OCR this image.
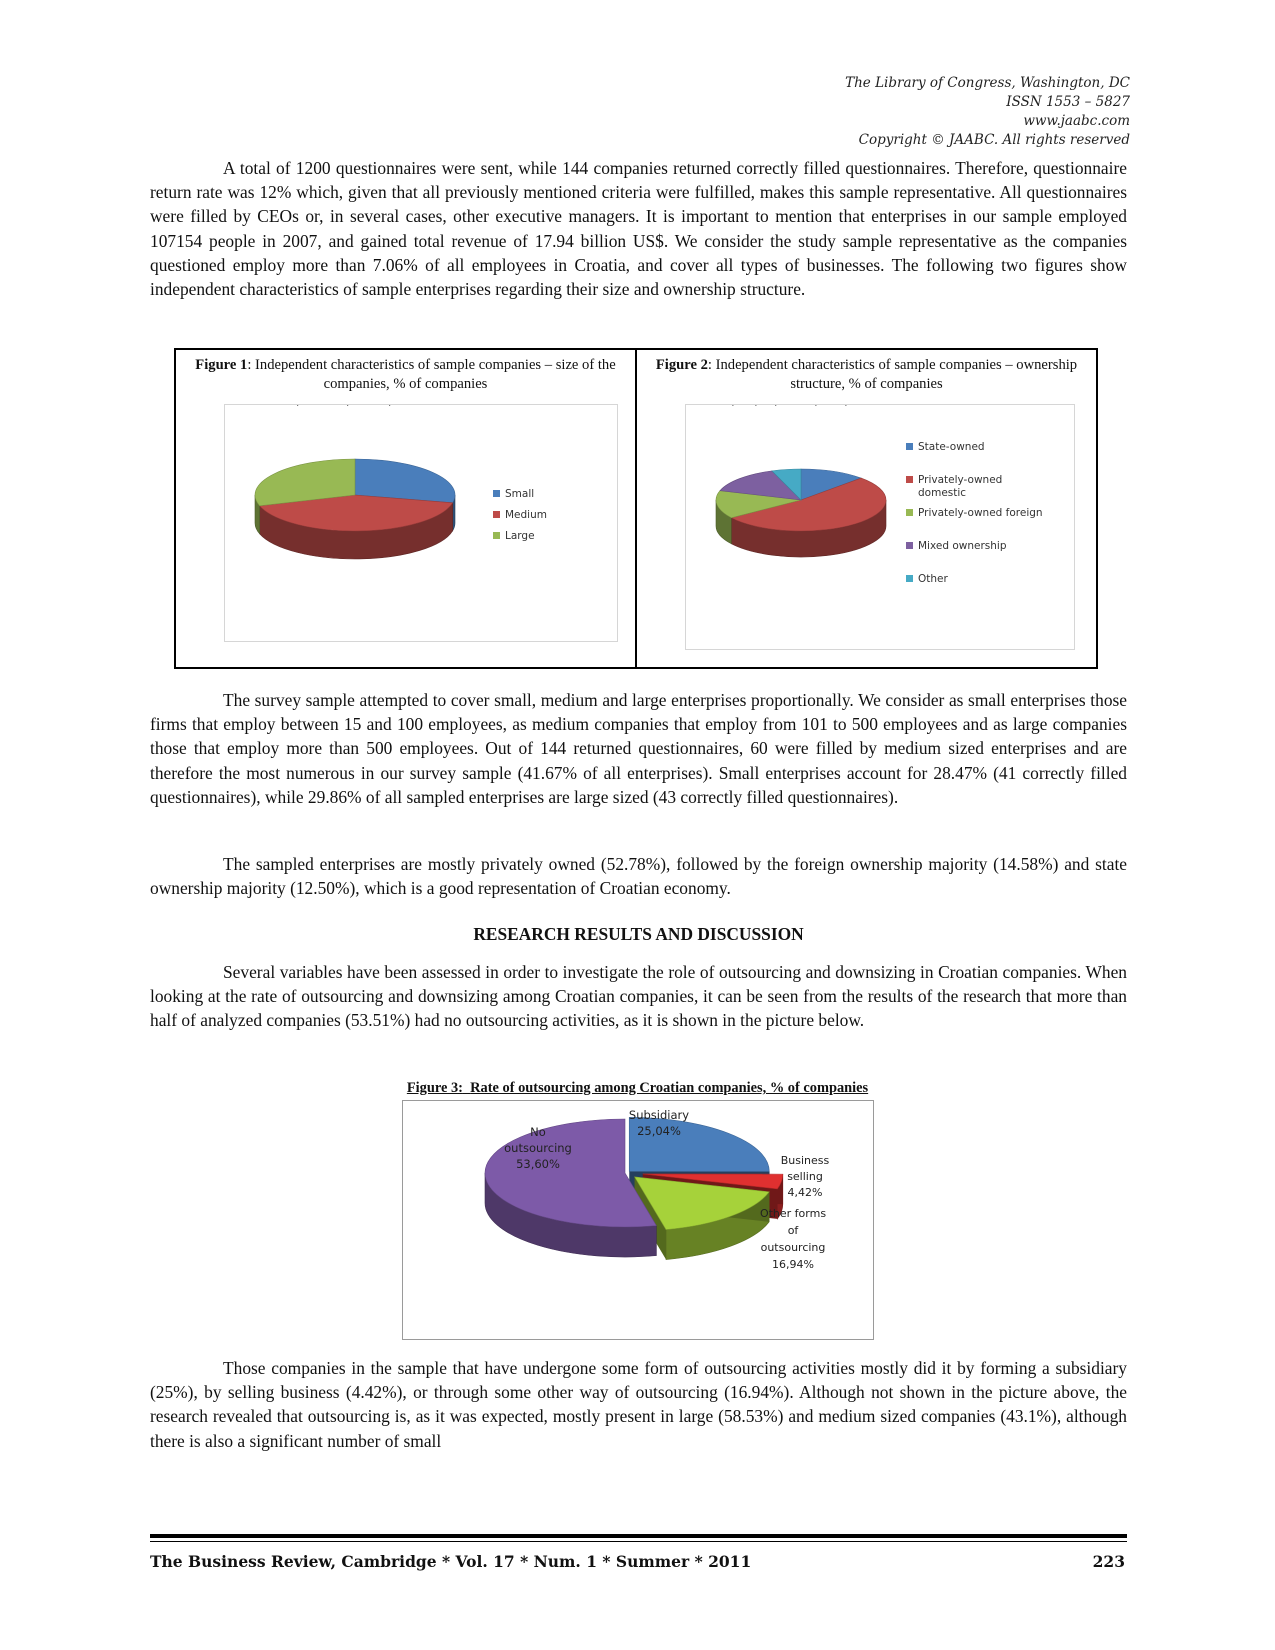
The Library of Congress, Washington, DC
ISSN 1553 – 5827
www.jaabc.com
Copyright © JAABC. All rights reserved

A total of 1200 questionnaires were sent, while 144 companies returned correctly filled questionnaires. Therefore, questionnaire return rate was 12% which, given that all previously mentioned criteria were fulfilled, makes this sample representative. All questionnaires were filled by CEOs or, in several cases, other executive managers. It is important to mention that enterprises in our sample employed 107154 people in 2007, and gained total revenue of 17.94 billion US$. We consider the study sample representative as the companies questioned employ more than 7.06% of all employees in Croatia, and cover all types of businesses. The following two figures show independent characteristics of sample enterprises regarding their size and ownership structure.

Figure 1: Independent characteristics of sample companies – size of the companies, % of companies
Small
Medium
Large
Figure 2: Independent characteristics of sample companies – ownership structure, % of companies
State-owned
Privately-owned
domestic
Privately-owned foreign
Mixed ownership
Other

The survey sample attempted to cover small, medium and large enterprises proportionally. We consider as small enterprises those firms that employ between 15 and 100 employees, as medium companies that employ from 101 to 500 employees and as large companies those that employ more than 500 employees. Out of 144 returned questionnaires, 60 were filled by medium sized enterprises and are therefore the most numerous in our survey sample (41.67% of all enterprises). Small enterprises account for 28.47% (41 correctly filled questionnaires), while 29.86% of all sampled enterprises are large sized (43 correctly filled questionnaires).

The sampled enterprises are mostly privately owned (52.78%), followed by the foreign ownership majority (14.58%) and state ownership majority (12.50%), which is a good representation of Croatian economy.

RESEARCH RESULTS AND DISCUSSION

Several variables have been assessed in order to investigate the role of outsourcing and downsizing in Croatian companies. When looking at the rate of outsourcing and downsizing among Croatian companies, it can be seen from the results of the research that more than half of analyzed companies (53.51%) had no outsourcing activities, as it is shown in the picture below.

Figure 3: Rate of outsourcing among Croatian companies, % of companies
No
outsourcing
53,60%
Subsidiary
25,04%
Business
selling
4,42%
Other forms
of
outsourcing
16,94%

Those companies in the sample that have undergone some form of outsourcing activities mostly did it by forming a subsidiary (25%), by selling business (4.42%), or through some other way of outsourcing (16.94%). Although not shown in the picture above, the research revealed that outsourcing is, as it was expected, mostly present in large (58.53%) and medium sized companies (43.1%), although there is also a significant number of small

The Business Review, Cambridge * Vol. 17 * Num. 1 * Summer * 2011	223
